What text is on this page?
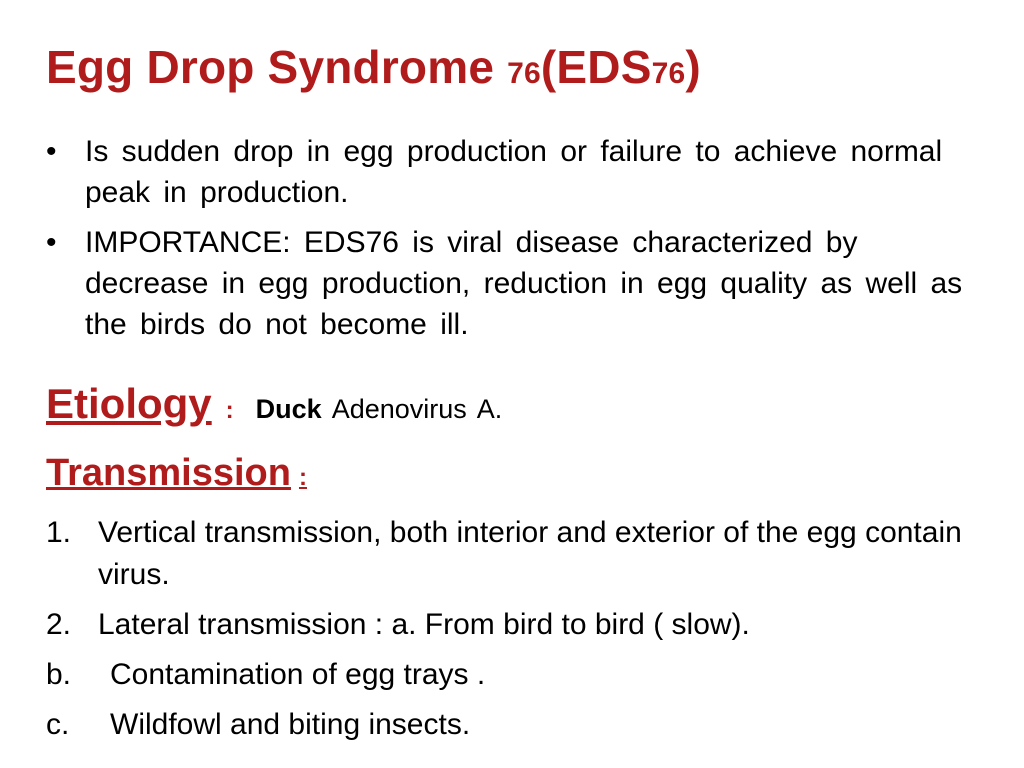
Egg Drop Syndrome 76(EDS76)
• Is sudden drop in egg production or failure to achieve normal peak in production.
• IMPORTANCE: EDS76 is viral disease characterized by decrease in egg production, reduction in egg quality as well as the birds do not become ill.
Etiology : Duck Adenovirus A.
Transmission :
1. Vertical transmission, both interior and exterior of the egg contain virus.
2. Lateral transmission : a. From bird to bird ( slow).
b. Contamination of egg trays .
c. Wildfowl and biting insects.
